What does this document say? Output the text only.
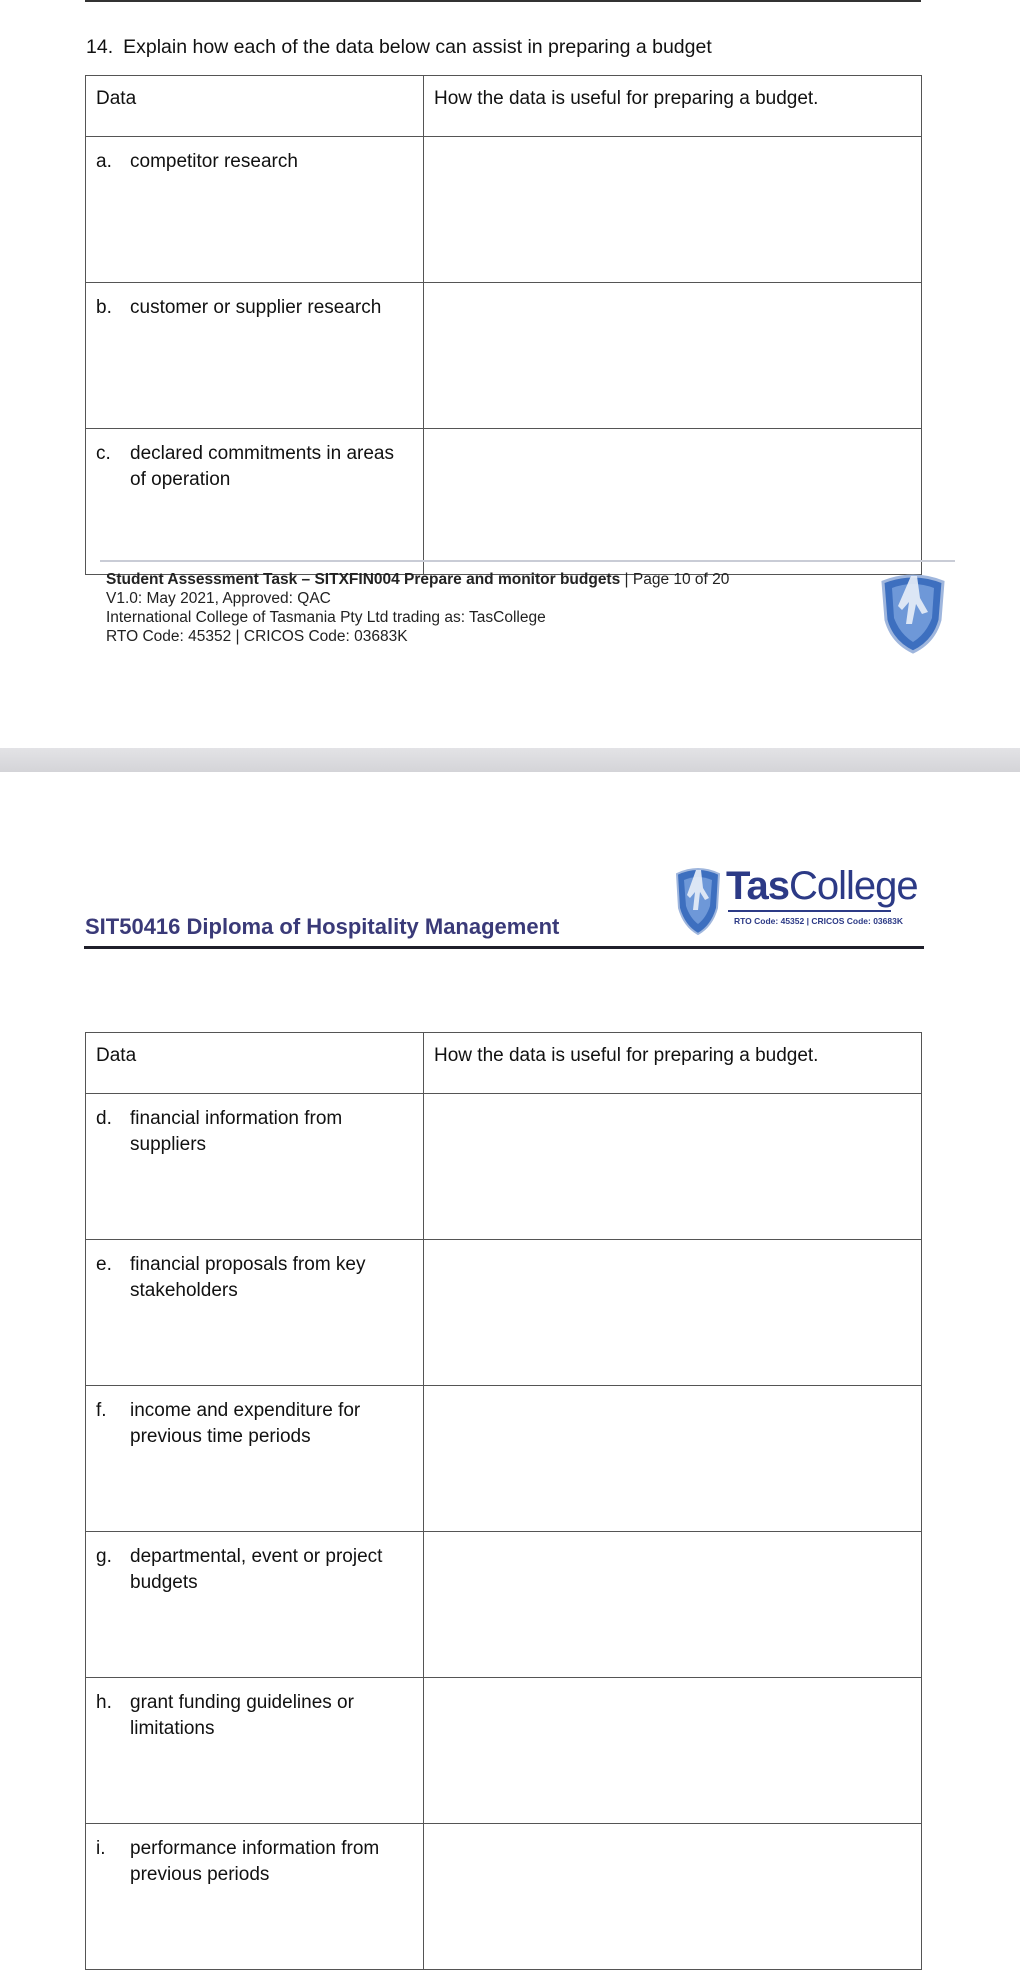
14. Explain how each of the data below can assist in preparing a budget
Data	How the data is useful for preparing a budget.

a. competitor research	

b. customer or supplier research	

c. declared commitments in areas of operation	

Student Assessment Task – SITXFIN004 Prepare and monitor budgets | Page 10 of 20
V1.0: May 2021, Approved: QAC
International College of Tasmania Pty Ltd trading as: TasCollege
RTO Code: 45352 | CRICOS Code: 03683K
SIT50416 Diploma of Hospitality Management
TasCollege
RTO Code: 45352 | CRICOS Code: 03683K
Data	How the data is useful for preparing a budget.

d. financial information from suppliers	

e. financial proposals from key stakeholders	

f. income and expenditure for previous time periods	

g. departmental, event or project budgets	

h. grant funding guidelines or limitations	

i. performance information from previous periods	
